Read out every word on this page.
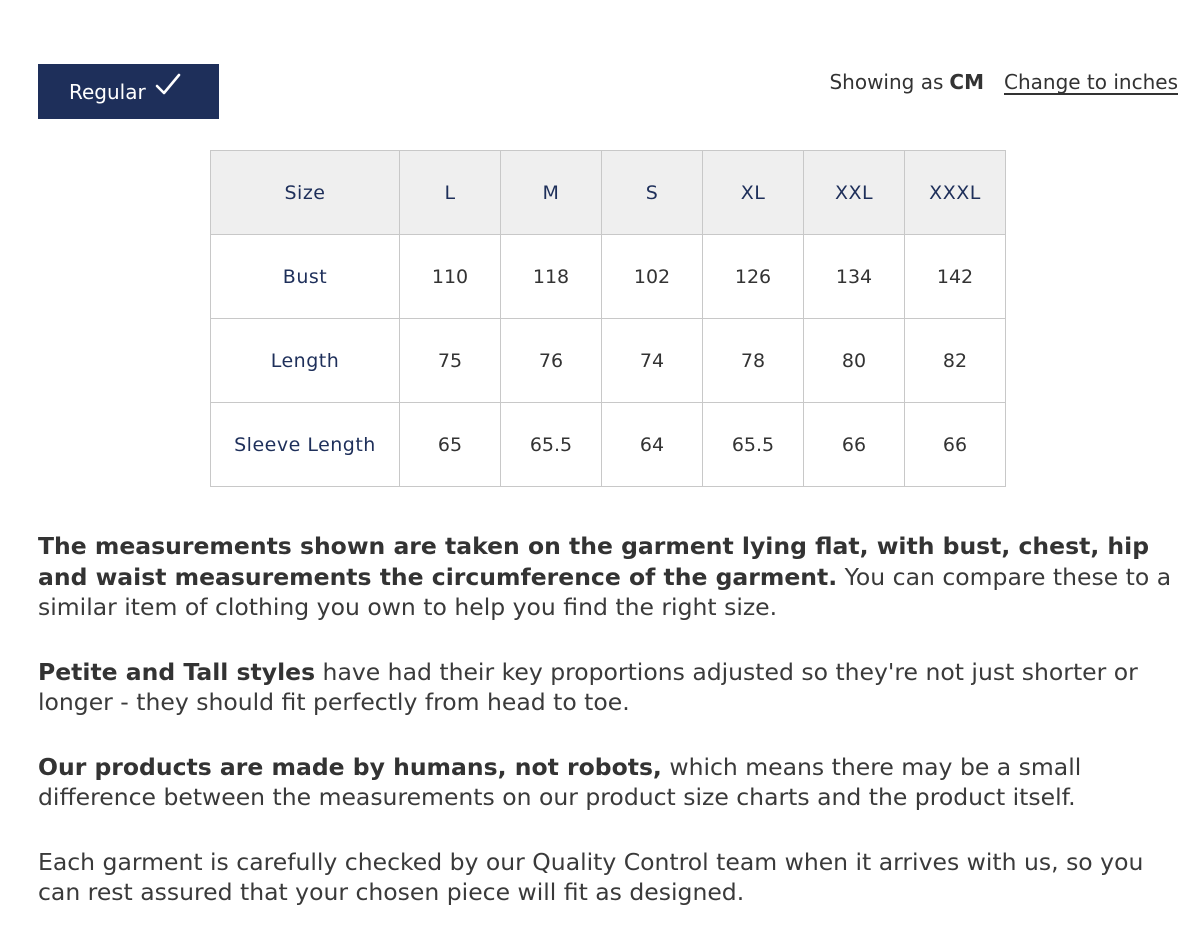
Regular	Showing as CM Change to inches
Size	L	M	S	XL	XXL	XXXL
Bust	110	118	102	126	134	142
Length	75	76	74	78	80	82
Sleeve Length	65	65.5	64	65.5	66	66

The measurements shown are taken on the garment lying flat, with bust, chest, hip and waist measurements the circumference of the garment. You can compare these to a similar item of clothing you own to help you find the right size.

Petite and Tall styles have had their key proportions adjusted so they're not just shorter or longer - they should fit perfectly from head to toe.

Our products are made by humans, not robots, which means there may be a small difference between the measurements on our product size charts and the product itself.

Each garment is carefully checked by our Quality Control team when it arrives with us, so you can rest assured that your chosen piece will fit as designed.
